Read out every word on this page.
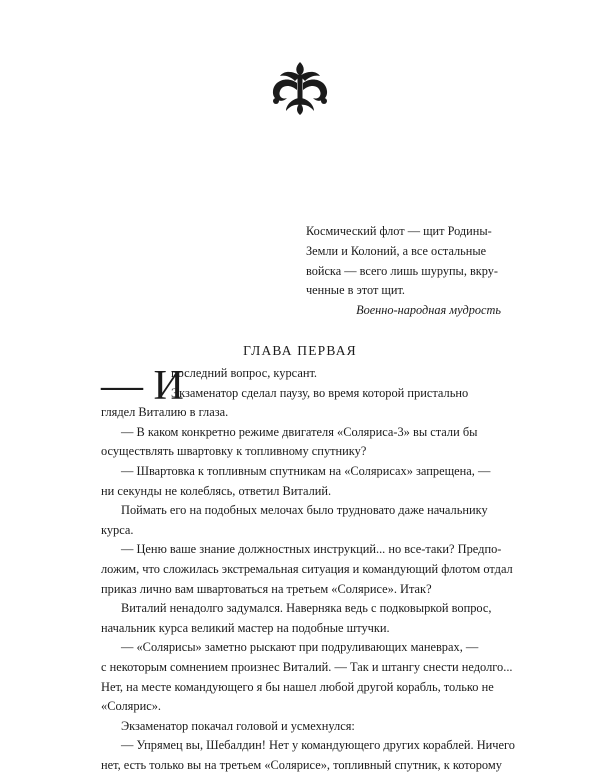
Космический флот — щит Родины-
Земли и Колоний, а все остальные
войска — всего лишь шурупы, вкру-
ченные в этот щит.
Военно-народная мудрость
ГЛАВА ПЕРВАЯ
— И
последний вопрос, курсант.
Экзаменатор сделал паузу, во время которой пристально
глядел Виталию в глаза.
— В каком конкретно режиме двигателя «Соляриса-3» вы стали бы
осуществлять швартовку к топливному спутнику?
— Швартовка к топливным спутникам на «Солярисах» запрещена, —
ни секунды не колеблясь, ответил Виталий.
Поймать его на подобных мелочах было трудновато даже начальнику
курса.
— Ценю ваше знание должностных инструкций... но все-таки? Предпо-
ложим, что сложилась экстремальная ситуация и командующий флотом отдал
приказ лично вам швартоваться на третьем «Солярисе». Итак?
Виталий ненадолго задумался. Наверняка ведь с подковыркой вопрос,
начальник курса великий мастер на подобные штучки.
— «Солярисы» заметно рыскают при подруливающих маневрах, —
с некоторым сомнением произнес Виталий. — Так и штангу снести недолго...
Нет, на месте командующего я бы нашел любой другой корабль, только не
«Солярис».
Экзаменатор покачал головой и усмехнулся:
— Упрямец вы, Шебалдин! Нет у командующего других кораблей. Ничего
нет, есть только вы на третьем «Солярисе», топливный спутник, к которому
